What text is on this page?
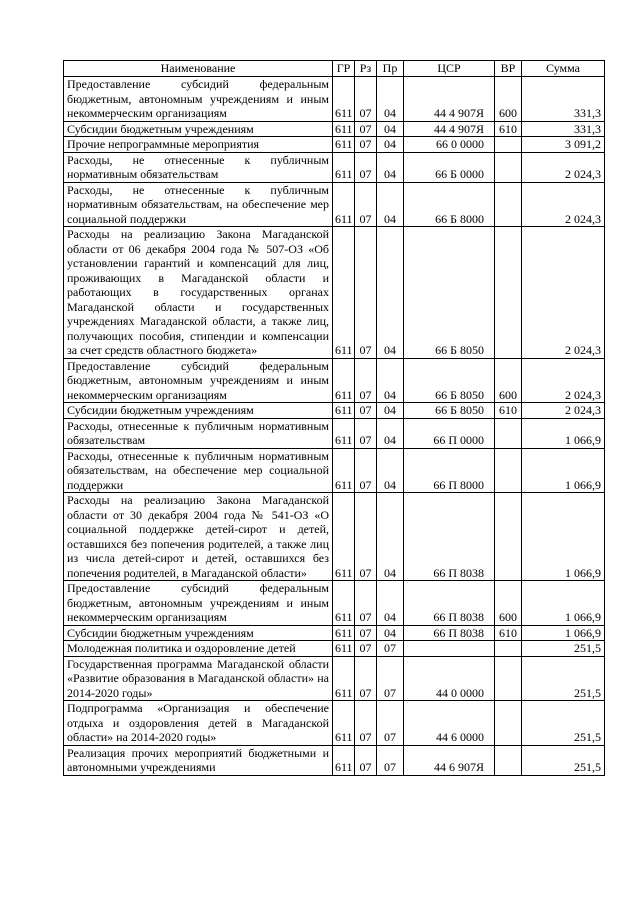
Наименование	ГР	Рз	Пр	ЦСР	ВР	Сумма
Предоставление субсидий федеральным бюджетным, автономным учреждениям и иным некоммерческим организациям	611	07	04	44 4 907Я	600	331,3
Субсидии бюджетным учреждениям	611	07	04	44 4 907Я	610	331,3
Прочие непрограммные мероприятия	611	07	04	66 0 0000		3 091,2
Расходы, не отнесенные к публичным нормативным обязательствам	611	07	04	66 Б 0000		2 024,3
Расходы, не отнесенные к публичным нормативным обязательствам, на обеспечение мер социальной поддержки	611	07	04	66 Б 8000		2 024,3
Расходы на реализацию Закона Магаданской области от 06 декабря 2004 года № 507-ОЗ «Об установлении гарантий и компенсаций для лиц, проживающих в Магаданской области и работающих в государственных органах Магаданской области и государственных учреждениях Магаданской области, а также лиц, получающих пособия, стипендии и компенсации за счет средств областного бюджета»	611	07	04	66 Б 8050		2 024,3
Предоставление субсидий федеральным бюджетным, автономным учреждениям и иным некоммерческим организациям	611	07	04	66 Б 8050	600	2 024,3
Субсидии бюджетным учреждениям	611	07	04	66 Б 8050	610	2 024,3
Расходы, отнесенные к публичным нормативным обязательствам	611	07	04	66 П 0000		1 066,9
Расходы, отнесенные к публичным нормативным обязательствам, на обеспечение мер социальной поддержки	611	07	04	66 П 8000		1 066,9
Расходы на реализацию Закона Магаданской области от 30 декабря 2004 года № 541-ОЗ «О социальной поддержке детей-сирот и детей, оставшихся без попечения родителей, а также лиц из числа детей-сирот и детей, оставшихся без попечения родителей, в Магаданской области»	611	07	04	66 П 8038		1 066,9
Предоставление субсидий федеральным бюджетным, автономным учреждениям и иным некоммерческим организациям	611	07	04	66 П 8038	600	1 066,9
Субсидии бюджетным учреждениям	611	07	04	66 П 8038	610	1 066,9
Молодежная политика и оздоровление детей	611	07	07			251,5
Государственная программа Магаданской области «Развитие образования в Магаданской области» на 2014-2020 годы»	611	07	07	44 0 0000		251,5
Подпрограмма «Организация и обеспечение отдыха и оздоровления детей в Магаданской области» на 2014-2020 годы»	611	07	07	44 6 0000		251,5
Реализация прочих мероприятий бюджетными и автономными учреждениями	611	07	07	44 6 907Я		251,5
